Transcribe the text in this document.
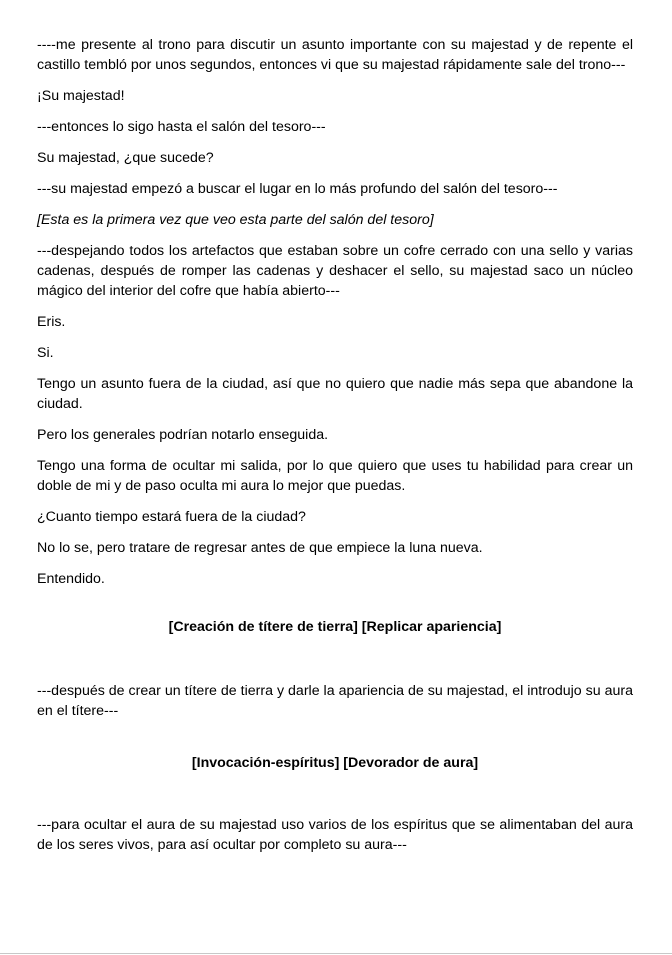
----me presente al trono para discutir un asunto importante con su majestad y de repente el castillo tembló por unos segundos, entonces vi que su majestad rápidamente sale del trono---

¡Su majestad!

---entonces lo sigo hasta el salón del tesoro---

Su majestad, ¿que sucede?

---su majestad empezó a buscar el lugar en lo más profundo del salón del tesoro---

[Esta es la primera vez que veo esta parte del salón del tesoro]

---despejando todos los artefactos que estaban sobre un cofre cerrado con una sello y varias cadenas, después de romper las cadenas y deshacer el sello, su majestad saco un núcleo mágico del interior del cofre que había abierto---

Eris.

Si.

Tengo un asunto fuera de la ciudad, así que no quiero que nadie más sepa que abandone la ciudad.

Pero los generales podrían notarlo enseguida.

Tengo una forma de ocultar mi salida, por lo que quiero que uses tu habilidad para crear un doble de mi y de paso oculta mi aura lo mejor que puedas.

¿Cuanto tiempo estará fuera de la ciudad?

No lo se, pero tratare de regresar antes de que empiece la luna nueva.

Entendido.

[Creación de títere de tierra] [Replicar apariencia]

---después de crear un títere de tierra y darle la apariencia de su majestad, el introdujo su aura en el títere---

[Invocación-espíritus] [Devorador de aura]

---para ocultar el aura de su majestad uso varios de los espíritus que se alimentaban del aura de los seres vivos, para así ocultar por completo su aura---
